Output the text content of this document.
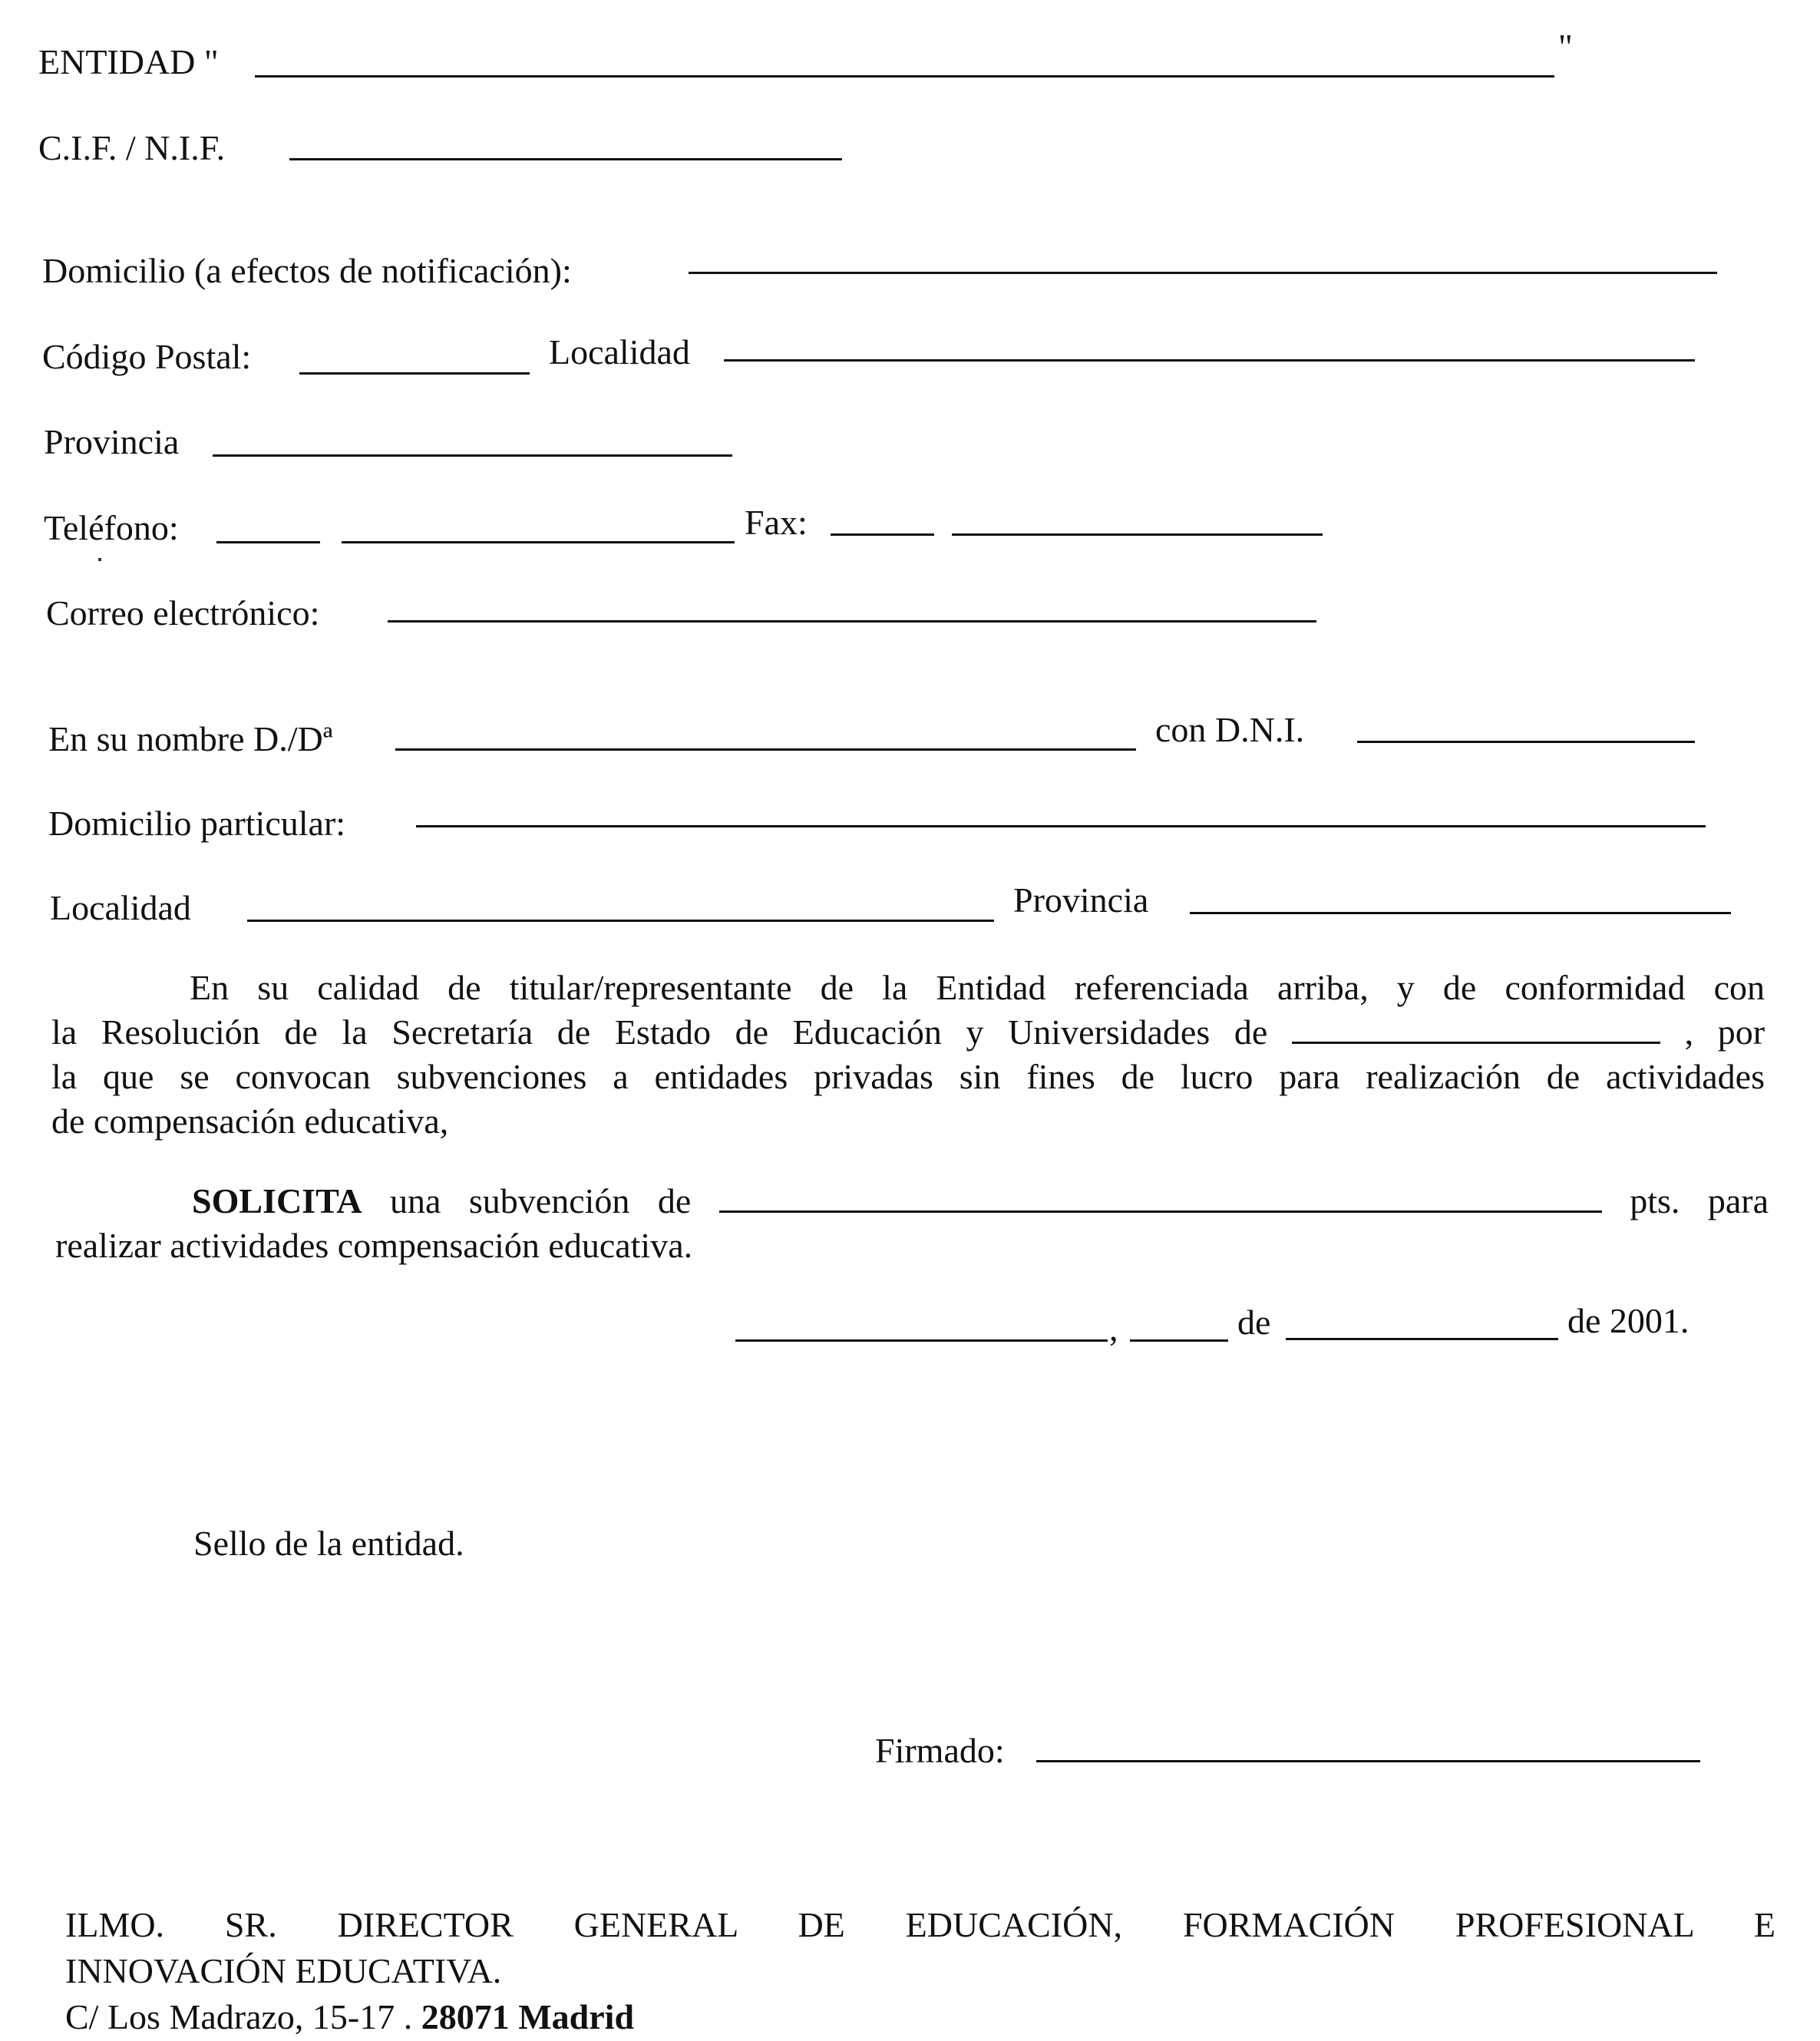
ENTIDAD "	"
C.I.F. / N.I.F.
Domicilio (a efectos de notificación):
Código Postal:	Localidad
Provincia
Teléfono:	Fax:
Correo electrónico:
En su nombre D./Dª	con D.N.I.
Domicilio particular:
Localidad	Provincia
En su calidad de titular/representante de la Entidad referenciada arriba, y de conformidad con
la Resolución de la Secretaría de Estado de Educación y Universidades de	, por
la que se convocan subvenciones a entidades privadas sin fines de lucro para realización de actividades
de compensación educativa,
SOLICITA una subvención de	pts. para
realizar actividades compensación educativa.
,	de	de 2001.
Sello de la entidad.
Firmado:
ILMO. SR. DIRECTOR GENERAL DE EDUCACIÓN, FORMACIÓN PROFESIONAL E
INNOVACIÓN EDUCATIVA.
C/ Los Madrazo, 15-17 . 28071 Madrid
